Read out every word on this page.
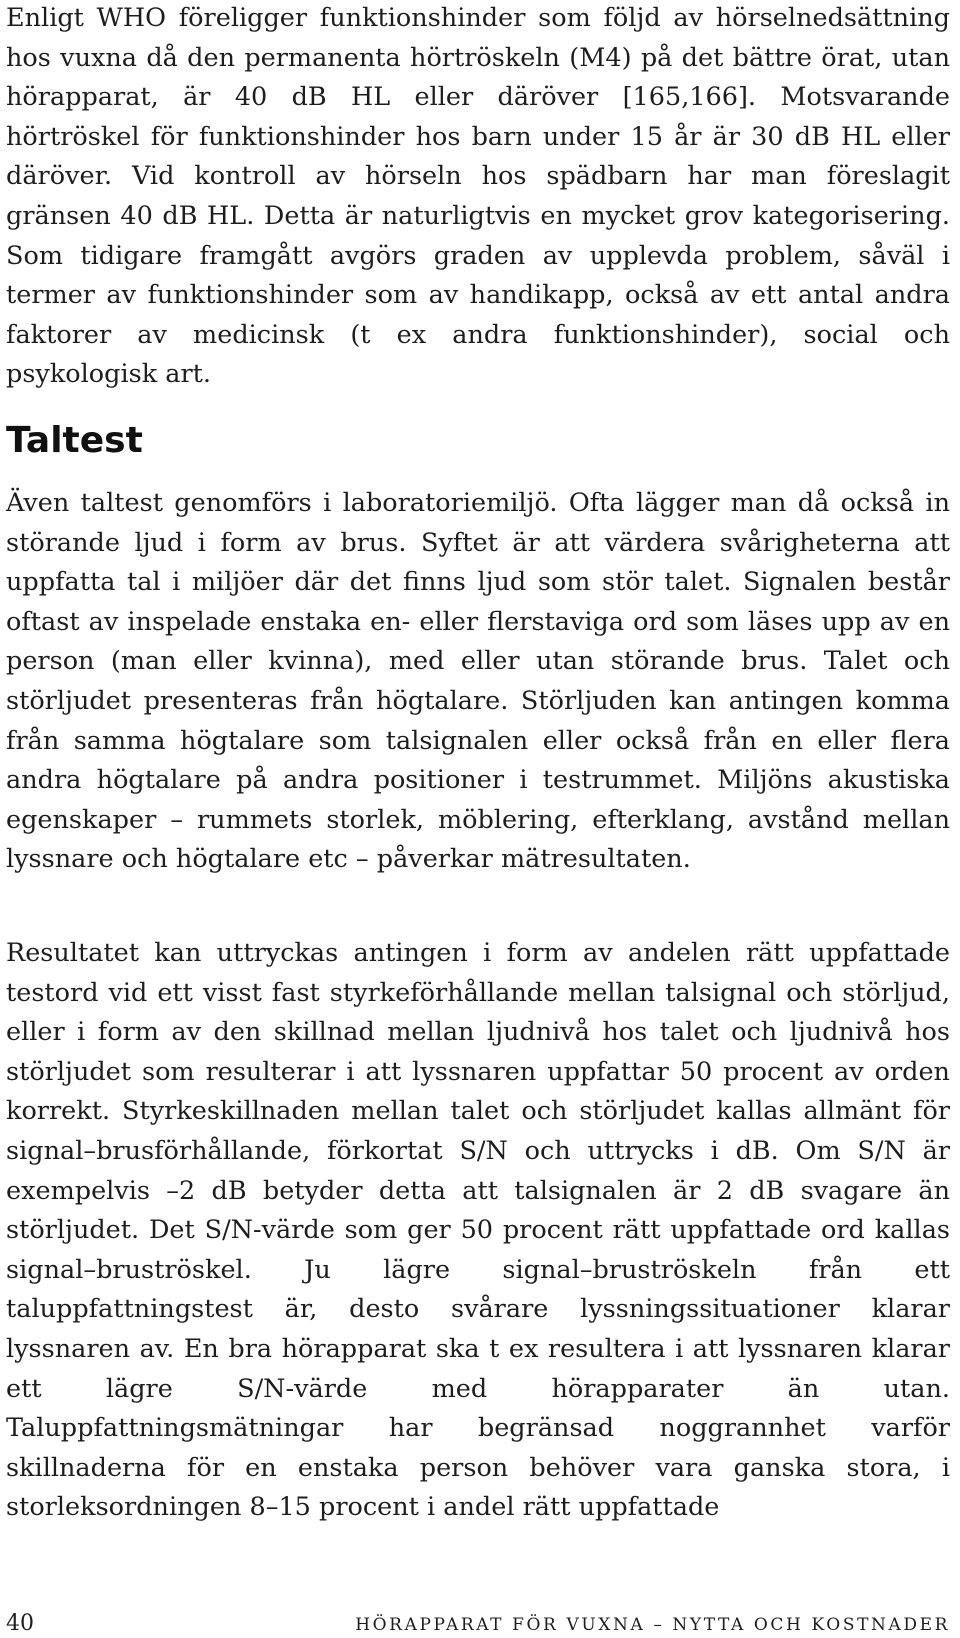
Enligt WHO föreligger funktionshinder som följd av hörselnedsättning hos vuxna då den permanenta hörtröskeln (M4) på det bättre örat, utan hörapparat, är 40 dB HL eller däröver [165,166]. Motsvarande hörtröskel för funktionshinder hos barn under 15 år är 30 dB HL eller däröver. Vid kontroll av hörseln hos spädbarn har man föreslagit gränsen 40 dB HL. Detta är naturligtvis en mycket grov kategorisering. Som tidigare framgått avgörs graden av upplevda problem, såväl i termer av funktionshinder som av handikapp, också av ett antal andra faktorer av medicinsk (t ex andra funktionshinder), social och psykologisk art.

Taltest

Även taltest genomförs i laboratoriemiljö. Ofta lägger man då också in störande ljud i form av brus. Syftet är att värdera svårigheterna att uppfatta tal i miljöer där det finns ljud som stör talet. Signalen består oftast av inspelade enstaka en- eller flerstaviga ord som läses upp av en person (man eller kvinna), med eller utan störande brus. Talet och störljudet presenteras från högtalare. Störljuden kan antingen komma från samma högtalare som talsignalen eller också från en eller flera andra högtalare på andra positioner i testrummet. Miljöns akustiska egenskaper – rummets storlek, möblering, efterklang, avstånd mellan lyssnare och högtalare etc – påverkar mätresultaten.

Resultatet kan uttryckas antingen i form av andelen rätt uppfattade testord vid ett visst fast styrkeförhållande mellan talsignal och störljud, eller i form av den skillnad mellan ljudnivå hos talet och ljudnivå hos störljudet som resulterar i att lyssnaren uppfattar 50 procent av orden korrekt. Styrkeskillnaden mellan talet och störljudet kallas allmänt för signal–brusförhållande, förkortat S/N och uttrycks i dB. Om S/N är exempelvis –2 dB betyder detta att talsignalen är 2 dB svagare än störljudet. Det S/N-värde som ger 50 procent rätt uppfattade ord kallas signal–bruströskel. Ju lägre signal–bruströskeln från ett taluppfattningstest är, desto svårare lyssningssituationer klarar lyssnaren av. En bra hörapparat ska t ex resultera i att lyssnaren klarar ett lägre S/N-värde med hörapparater än utan. Taluppfattningsmätningar har begränsad noggrannhet varför skillnaderna för en enstaka person behöver vara ganska stora, i storleksordningen 8–15 procent i andel rätt uppfattade

40	HÖRAPPARAT FÖR VUXNA – NYTTA OCH KOSTNADER
